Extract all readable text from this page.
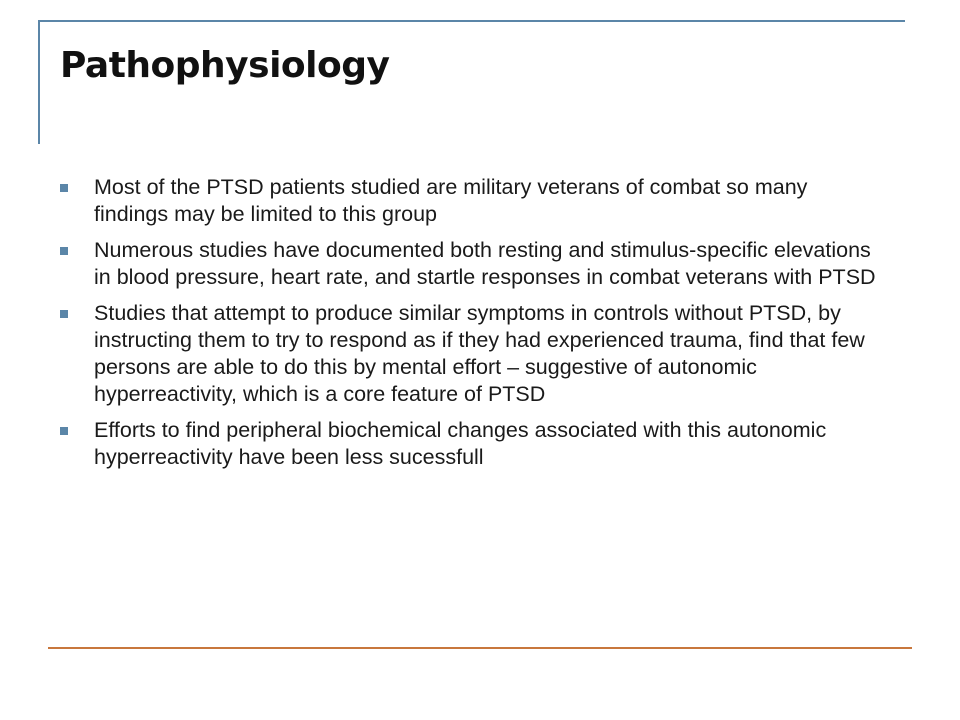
Pathophysiology
Most of the PTSD patients studied are military veterans of combat so many findings may be limited to this group
Numerous studies have documented both resting and stimulus-specific elevations in blood pressure, heart rate, and startle responses in combat veterans with PTSD
Studies that attempt to produce similar symptoms in controls without PTSD, by instructing them to try to respond as if they had experienced trauma, find that few persons are able to do this by mental effort – suggestive of autonomic hyperreactivity, which is a core feature of PTSD
Efforts to find peripheral biochemical changes associated with this autonomic hyperreactivity have been less sucessfull
